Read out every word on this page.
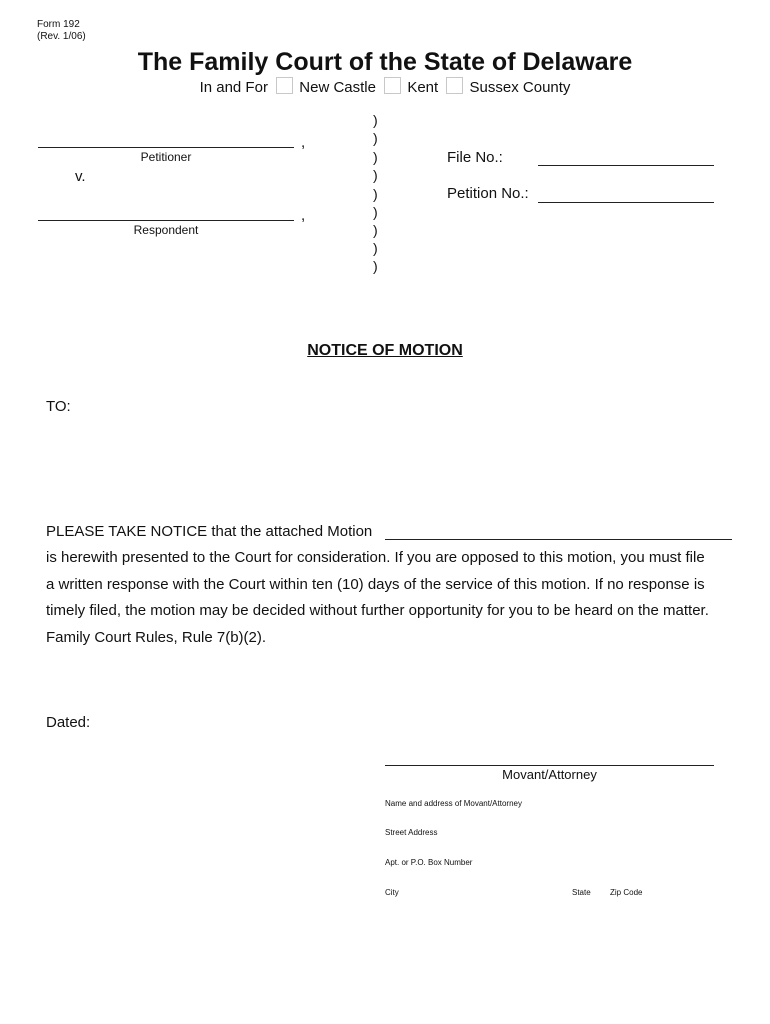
Form 192
(Rev. 1/06)
The Family Court of the State of Delaware
In and For New Castle Kent Sussex County
,
Petitioner
v.
,
Respondent
)
)
)
)
)
)
)
)
)
File No.:
Petition No.:
NOTICE OF MOTION
TO:
PLEASE TAKE NOTICE that the attached Motion
is herewith presented to the Court for consideration. If you are opposed to this motion, you must file
a written response with the Court within ten (10) days of the service of this motion. If no response is
timely filed, the motion may be decided without further opportunity for you to be heard on the matter.
Family Court Rules, Rule 7(b)(2).
Dated:
Movant/Attorney
Name and address of Movant/Attorney
Street Address
Apt. or P.O. Box Number
City	State Zip Code
